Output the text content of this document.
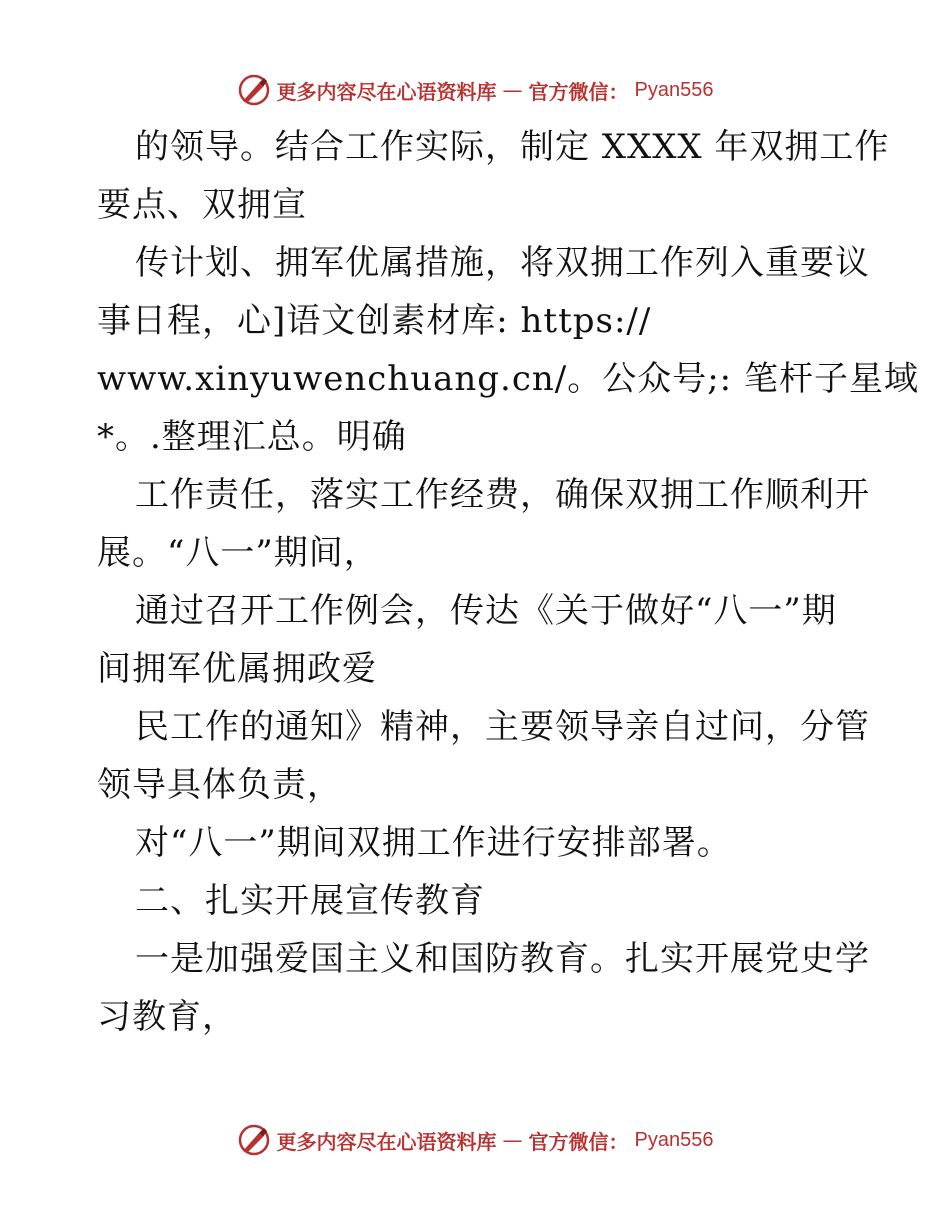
更多内容尽在心语资料库 — 官方微信： Pyan556
的领导。结合工作实际，制定 XXXX 年双拥工作
要点、双拥宣
传计划、拥军优属措施，将双拥工作列入重要议
事日程，心]语文创素材库: https://
www.xinyuwenchuang.cn/。公众号;: 笔杆子星域
*。.整理汇总。明确
工作责任，落实工作经费，确保双拥工作顺利开
展。“八一”期间，
通过召开工作例会，传达《关于做好“八一”期
间拥军优属拥政爱
民工作的通知》精神，主要领导亲自过问，分管
领导具体负责，
对“八一”期间双拥工作进行安排部署。
二、扎实开展宣传教育
一是加强爱国主义和国防教育。扎实开展党史学
习教育，
更多内容尽在心语资料库 — 官方微信： Pyan556
